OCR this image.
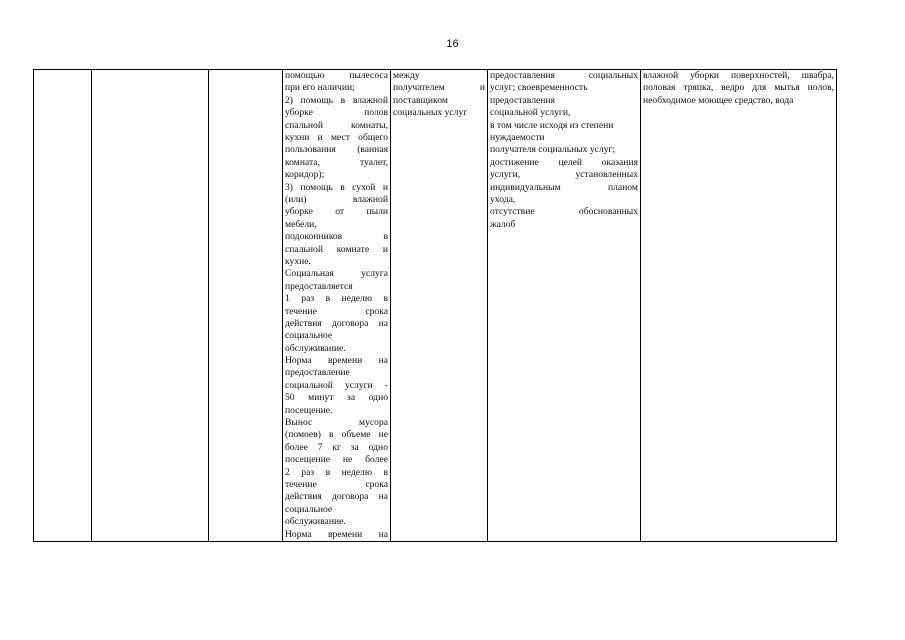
16

помощью пылесоса
при его наличии;
2) помощь в влажной
уборке полов
спальной комнаты,
кухни и мест общего
пользования (ванная
комната, туалет,
коридор);
3) помощь в сухой и
(или) влажной
уборке от пыли
мебели,
подоконников в
спальной комнате и
кухне.
Социальная услуга
предоставляется
1 раз в неделю в
течение срока
действия договора на
социальное
обслуживание.
Норма времени на
предоставление
социальной услуги -
50 минут за одно
посещение.
Вынос мусора
(помоев) в объеме не
более 7 кг за одно
посещение не более
2 раз в неделю в
течение срока
действия договора на
социальное
обслуживание.
Норма времени на

между
получателем и
поставщиком
социальных услуг

предоставления социальных
услуг; своевременность
предоставления
социальной услуги,
в том числе исходя из степени
нуждаемости
получателя социальных услуг;
достижение целей оказания
услуги, установленных
индивидуальным планом
ухода,
отсутствие обоснованных
жалоб

влажной уборки поверхностей, швабра,
половая тряпка, ведро для мытья полов,
необходимое моющее средство, вода
